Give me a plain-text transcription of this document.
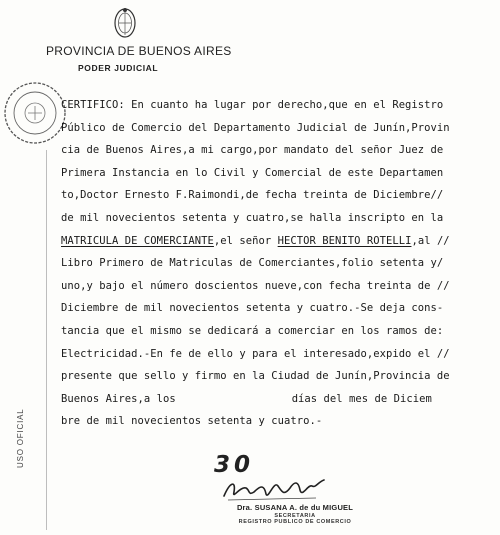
PROVINCIA DE BUENOS AIRES
PODER JUDICIAL
USO OFICIAL
CERTIFICO: En cuanto ha lugar por derecho,que en el Registro
Público de Comercio del Departamento Judicial de Junín,Provin
cia de Buenos Aires,a mi cargo,por mandato del señor Juez de
Primera Instancia en lo Civil y Comercial de este Departamen
to,Doctor Ernesto F.Raimondi,de fecha treinta de Diciembre//
de mil novecientos setenta y cuatro,se halla inscripto en la
MATRICULA DE COMERCIANTE,el señor HECTOR BENITO ROTELLI,al //
Libro Primero de Matriculas de Comerciantes,folio setenta y/
uno,y bajo el número doscientos nueve,con fecha treinta de //
Diciembre de mil novecientos setenta y cuatro.-Se deja cons-
tancia que el mismo se dedicará a comerciar en los ramos de:
Electricidad.-En fe de ello y para el interesado,expido el //
presente que sello y firmo en la Ciudad de Junín,Provincia de
Buenos Aires,a los	días del mes de Diciem
bre de mil novecientos setenta y cuatro.-
30
Dra. SUSANA A. de du MIGUEL
SECRETARIA
REGISTRO PUBLICO DE COMERCIO
